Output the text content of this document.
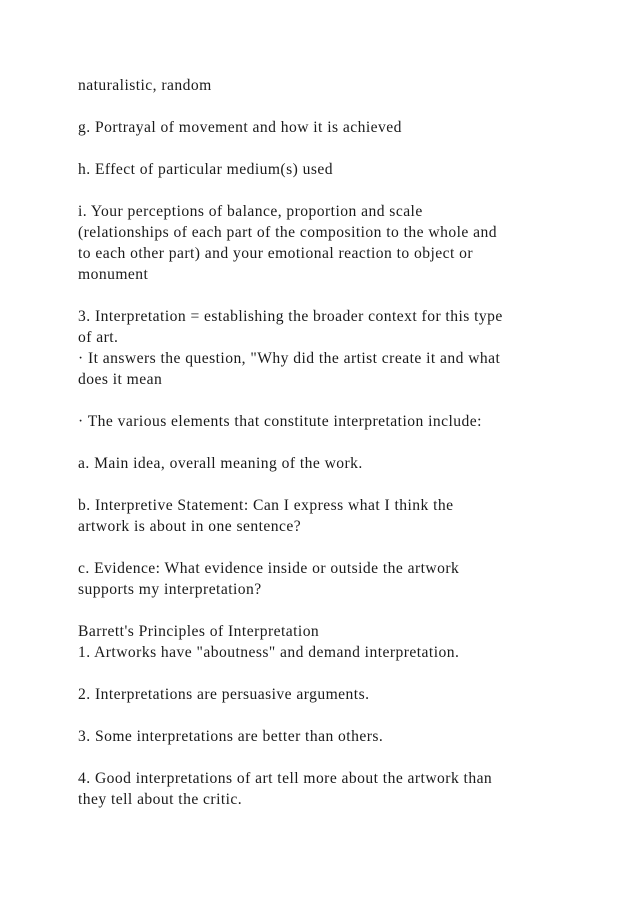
naturalistic, random

g. Portrayal of movement and how it is achieved

h. Effect of particular medium(s) used

i. Your perceptions of balance, proportion and scale
(relationships of each part of the composition to the whole and
to each other part) and your emotional reaction to object or
monument

3. Interpretation = establishing the broader context for this type
of art.
· It answers the question, "Why did the artist create it and what
does it mean

· The various elements that constitute interpretation include:

a. Main idea, overall meaning of the work.

b. Interpretive Statement: Can I express what I think the
artwork is about in one sentence?

c. Evidence: What evidence inside or outside the artwork
supports my interpretation?

Barrett's Principles of Interpretation
1. Artworks have "aboutness" and demand interpretation.

2. Interpretations are persuasive arguments.

3. Some interpretations are better than others.

4. Good interpretations of art tell more about the artwork than
they tell about the critic.
